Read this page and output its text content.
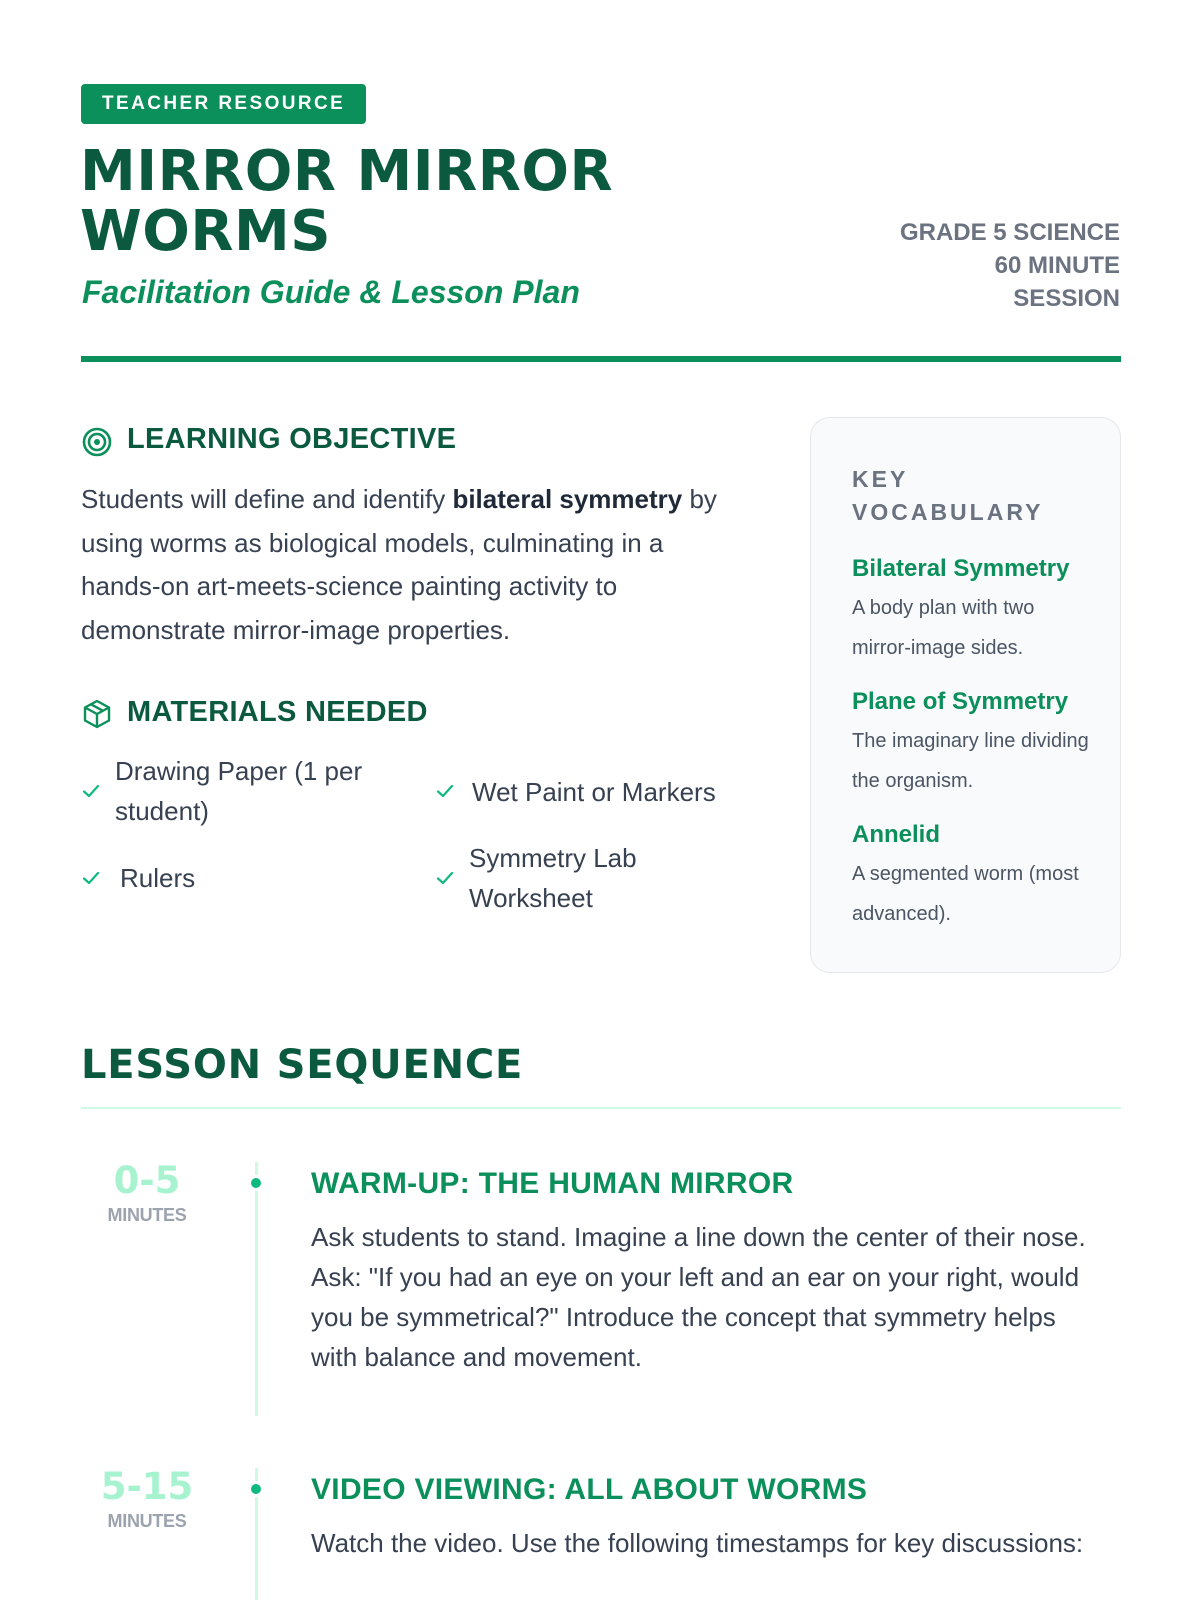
TEACHER RESOURCE
MIRROR MIRROR WORMS
Facilitation Guide & Lesson Plan
GRADE 5 SCIENCE
60 MINUTE
SESSION
LEARNING OBJECTIVE

Students will define and identify bilateral symmetry by using worms as biological models, culminating in a hands-on art-meets-science painting activity to demonstrate mirror-image properties.

MATERIALS NEEDED
Drawing Paper (1 per student)
Wet Paint or Markers
Rulers
Symmetry Lab Worksheet
KEY VOCABULARY
Bilateral Symmetry
A body plan with two mirror-image sides.
Plane of Symmetry
The imaginary line dividing the organism.
Annelid
A segmented worm (most advanced).
LESSON SEQUENCE
0-5
MINUTES
WARM-UP: THE HUMAN MIRROR

Ask students to stand. Imagine a line down the center of their nose. Ask: "If you had an eye on your left and an ear on your right, would you be symmetrical?" Introduce the concept that symmetry helps with balance and movement.

5-15
MINUTES
VIDEO VIEWING: ALL ABOUT WORMS

Watch the video. Use the following timestamps for key discussions:
